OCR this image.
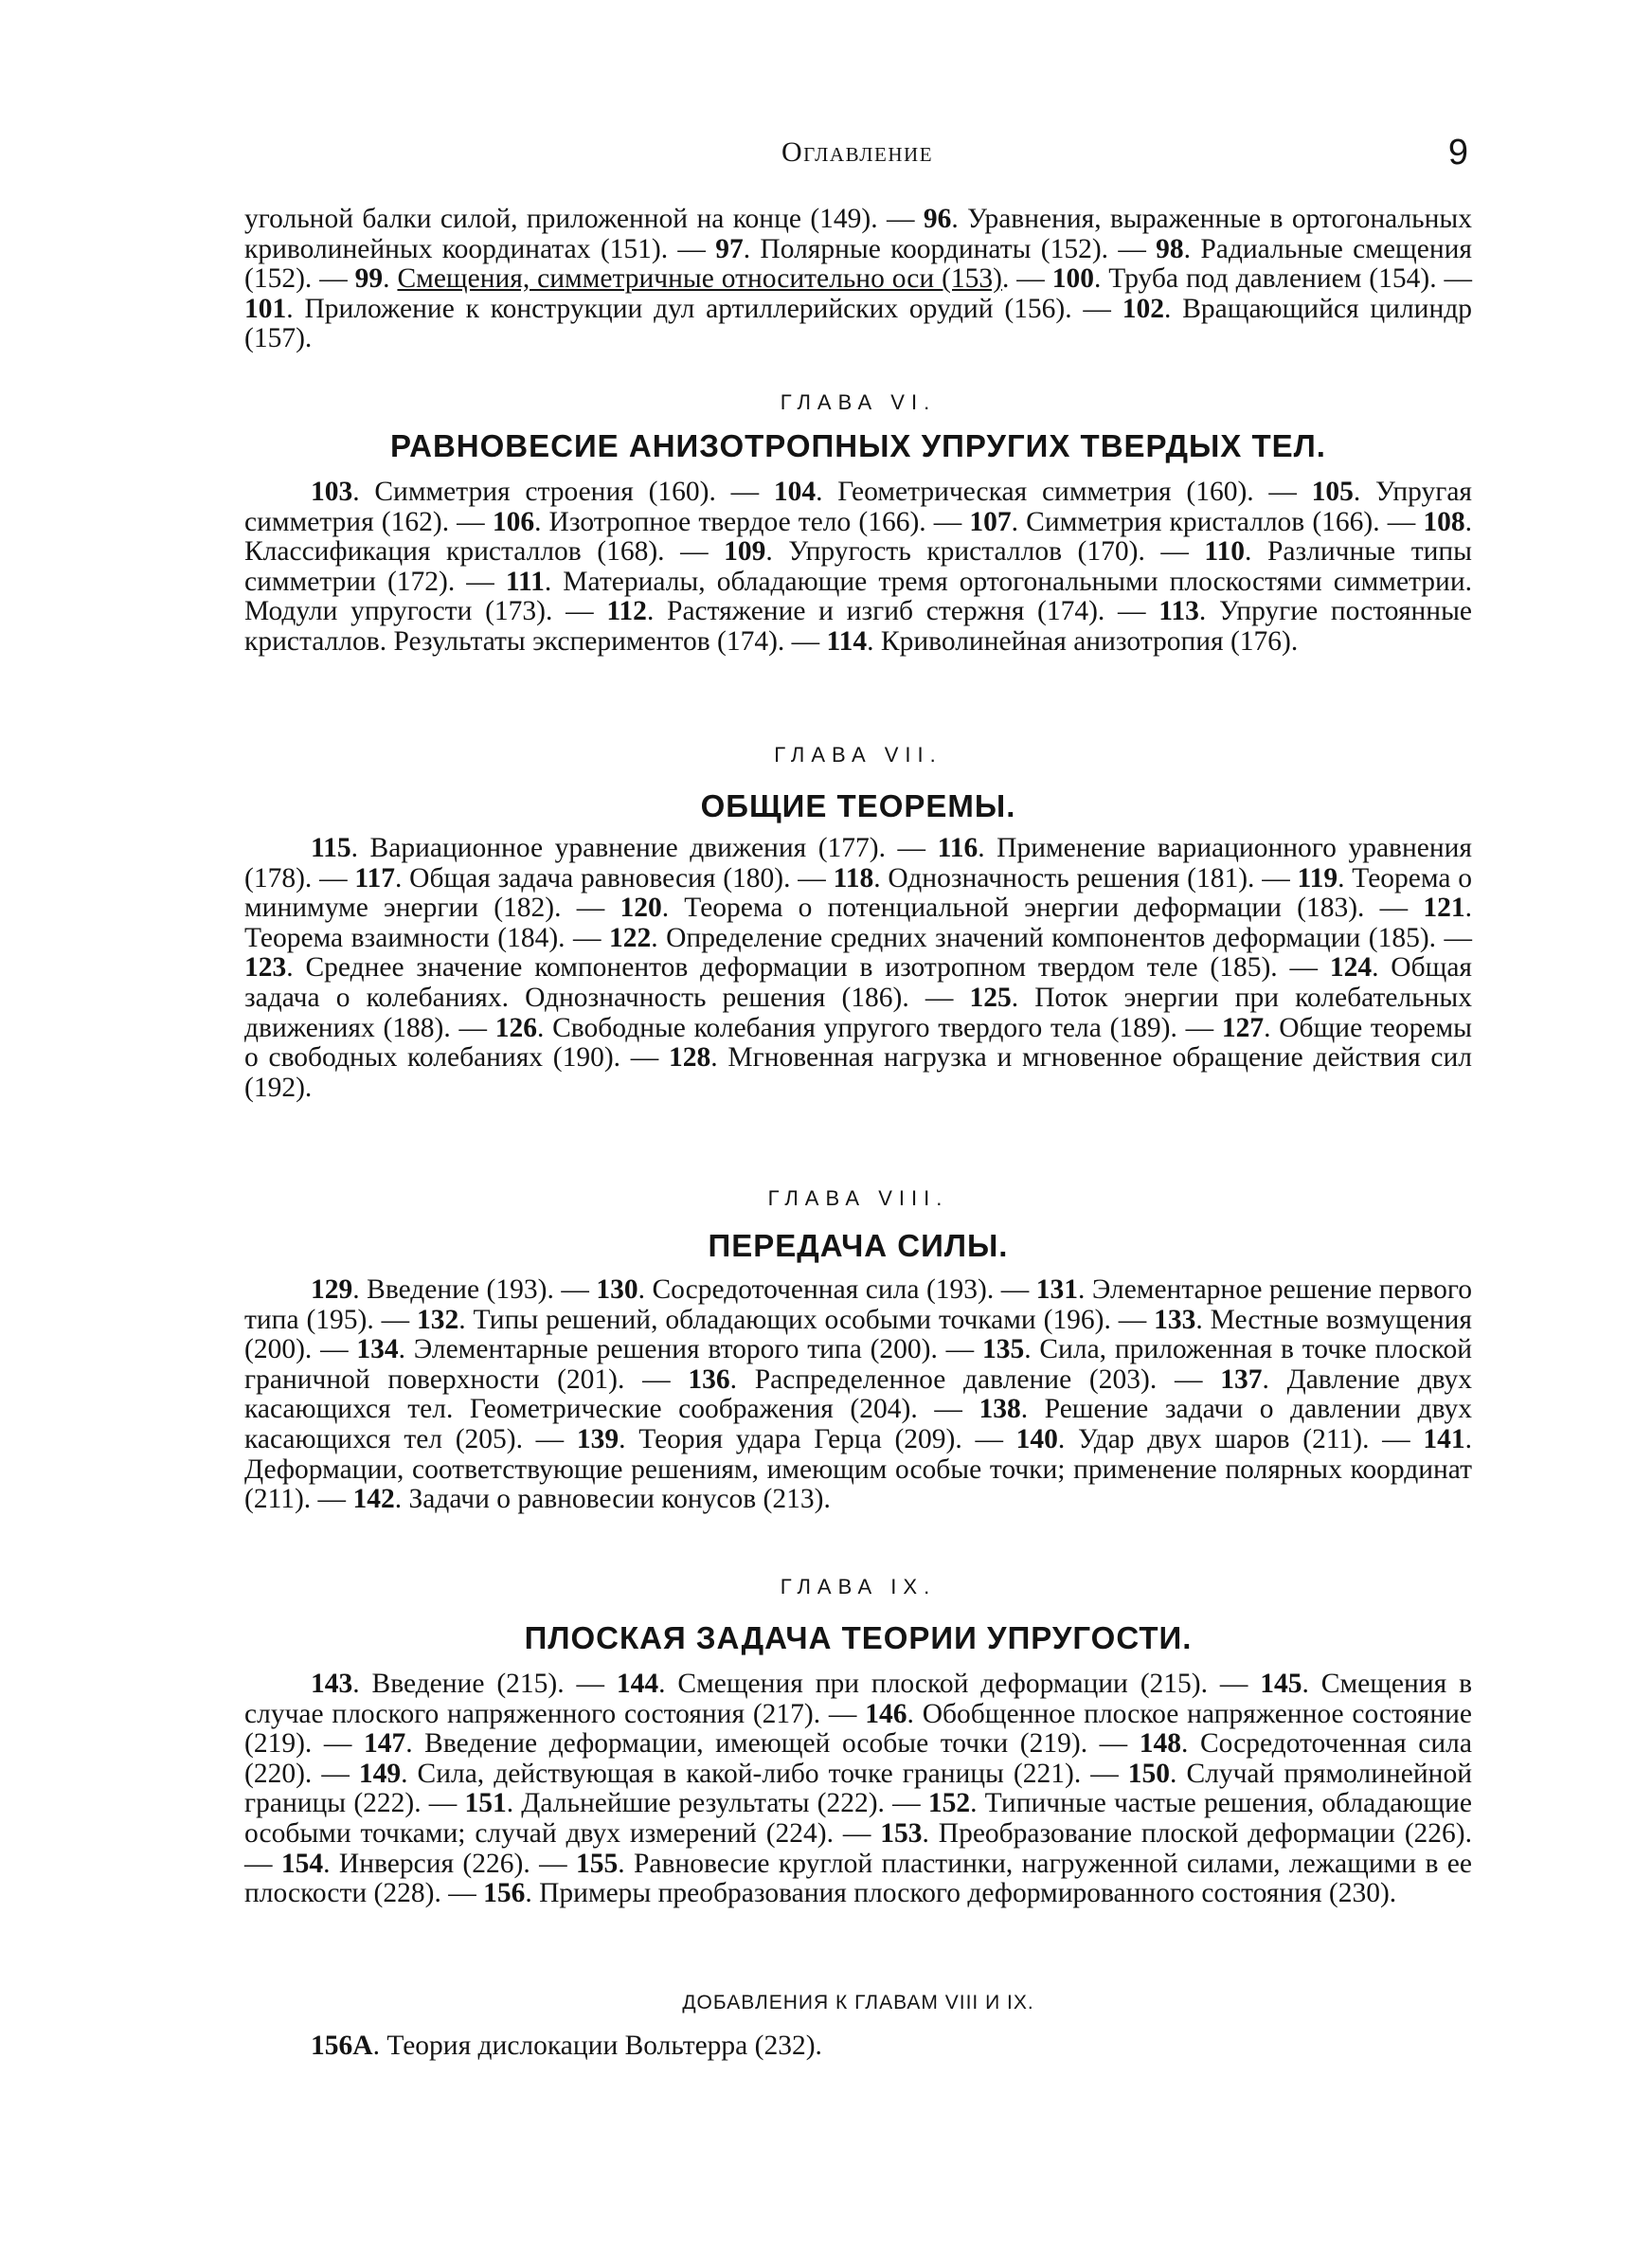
Оглавление	9

угольной балки силой, приложенной на конце (149). — 96. Уравнения, выраженные в ортогональных криволинейных координатах (151). — 97. Полярные координаты (152). — 98. Радиальные смещения (152). — 99. Смещения, симметричные относительно оси (153). — 100. Труба под давлением (154). — 101. Приложение к конструкции дул артиллерийских орудий (156). — 102. Вращающийся цилиндр (157).

ГЛАВА VI.

РАВНОВЕСИЕ АНИЗОТРОПНЫХ УПРУГИХ ТВЕРДЫХ ТЕЛ.

103. Симметрия строения (160). — 104. Геометрическая симметрия (160). — 105. Упругая симметрия (162). — 106. Изотропное твердое тело (166). — 107. Симметрия кристаллов (166). — 108. Классификация кристаллов (168). — 109. Упругость кристаллов (170). — 110. Различные типы симметрии (172). — 111. Материалы, обладающие тремя ортогональными плоскостями симметрии. Модули упругости (173). — 112. Растяжение и изгиб стержня (174). — 113. Упругие постоянные кристаллов. Результаты экспериментов (174). — 114. Криволинейная анизотропия (176).

ГЛАВА VII.

ОБЩИЕ ТЕОРЕМЫ.

115. Вариационное уравнение движения (177). — 116. Применение вариационного уравнения (178). — 117. Общая задача равновесия (180). — 118. Однозначность решения (181). — 119. Теорема о минимуме энергии (182). — 120. Теорема о потенциальной энергии деформации (183). — 121. Теорема взаимности (184). — 122. Определение средних значений компонентов деформации (185). — 123. Среднее значение компонентов деформации в изотропном твердом теле (185). — 124. Общая задача о колебаниях. Однозначность решения (186). — 125. Поток энергии при колебательных движениях (188). — 126. Свободные колебания упругого твердого тела (189). — 127. Общие теоремы о свободных колебаниях (190). — 128. Мгновенная нагрузка и мгновенное обращение действия сил (192).

ГЛАВА VIII.

ПЕРЕДАЧА СИЛЫ.

129. Введение (193). — 130. Сосредоточенная сила (193). — 131. Элементарное решение первого типа (195). — 132. Типы решений, обладающих особыми точками (196). — 133. Местные возмущения (200). — 134. Элементарные решения второго типа (200). — 135. Сила, приложенная в точке плоской граничной поверхности (201). — 136. Распределенное давление (203). — 137. Давление двух касающихся тел. Геометрические соображения (204). — 138. Решение задачи о давлении двух касающихся тел (205). — 139. Теория удара Герца (209). — 140. Удар двух шаров (211). — 141. Деформации, соответствующие решениям, имеющим особые точки; применение полярных координат (211). — 142. Задачи о равновесии конусов (213).

ГЛАВА IX.

ПЛОСКАЯ ЗАДАЧА ТЕОРИИ УПРУГОСТИ.

143. Введение (215). — 144. Смещения при плоской деформации (215). — 145. Смещения в случае плоского напряженного состояния (217). — 146. Обобщенное плоское напряженное состояние (219). — 147. Введение деформации, имеющей особые точки (219). — 148. Сосредоточенная сила (220). — 149. Сила, действующая в какой-либо точке границы (221). — 150. Случай прямолинейной границы (222). — 151. Дальнейшие результаты (222). — 152. Типичные частые решения, обладающие особыми точками; случай двух измерений (224). — 153. Преобразование плоской деформации (226). — 154. Инверсия (226). — 155. Равновесие круглой пластинки, нагруженной силами, лежащими в ее плоскости (228). — 156. Примеры преобразования плоского деформированного состояния (230).

ДОБАВЛЕНИЯ К ГЛАВАМ VIII И IX.

156А. Теория дислокации Вольтерра (232).
